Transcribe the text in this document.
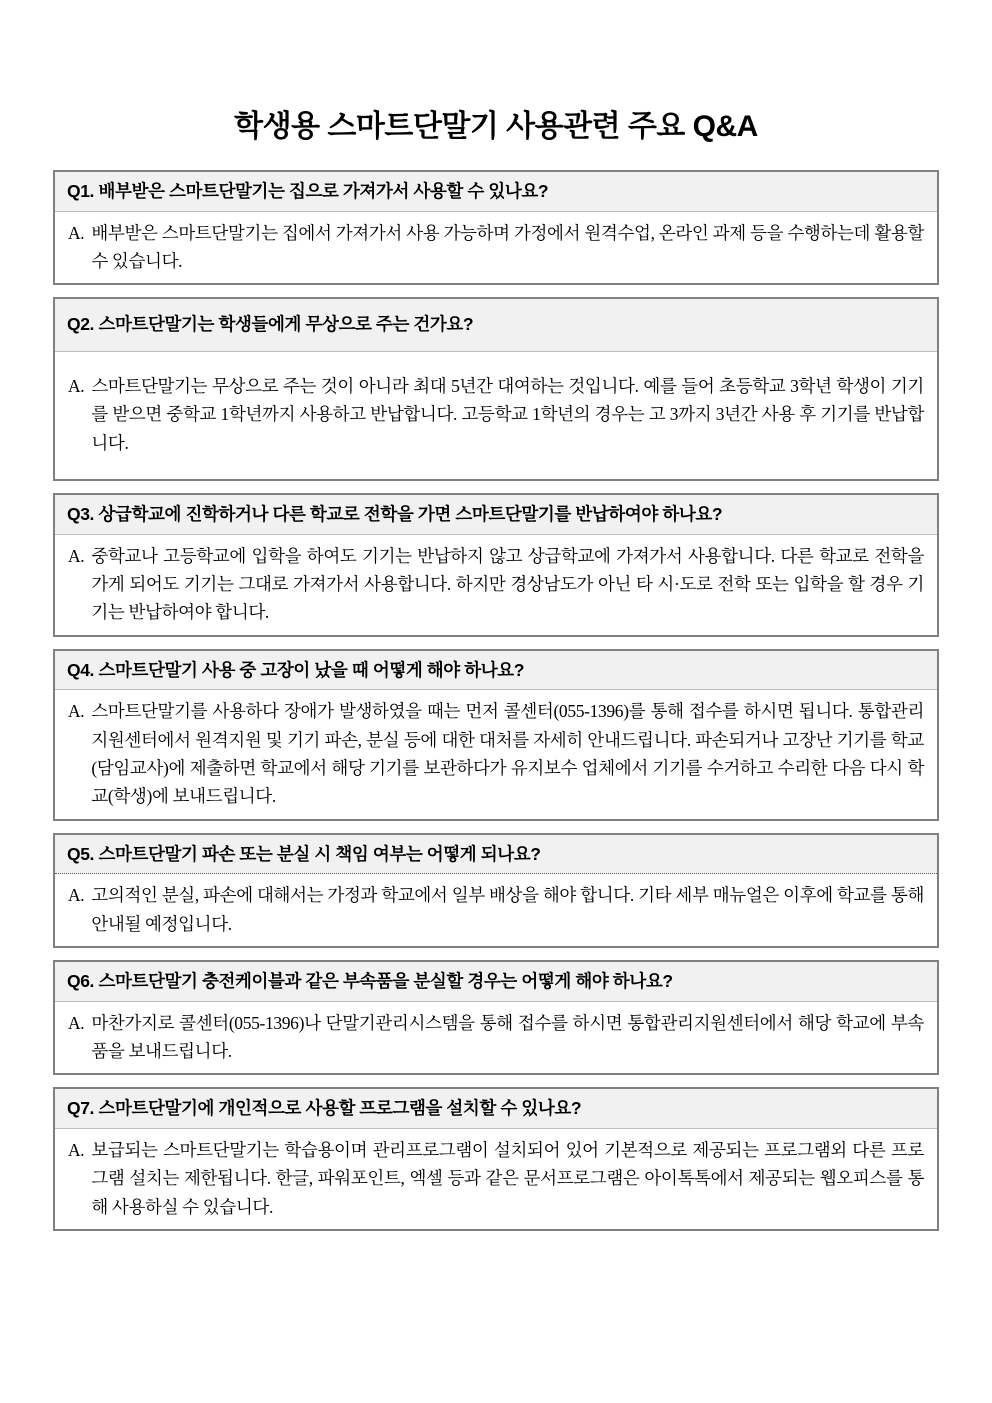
학생용 스마트단말기 사용관련 주요 Q&A
Q1. 배부받은 스마트단말기는 집으로 가져가서 사용할 수 있나요?
A. 배부받은 스마트단말기는 집에서 가져가서 사용 가능하며 가정에서 원격수업, 온라인 과제 등을 수행하는데 활용할 수 있습니다.
Q2. 스마트단말기는 학생들에게 무상으로 주는 건가요?
A. 스마트단말기는 무상으로 주는 것이 아니라 최대 5년간 대여하는 것입니다. 예를 들어 초등학교 3학년 학생이 기기를 받으면 중학교 1학년까지 사용하고 반납합니다. 고등학교 1학년의 경우는 고 3까지 3년간 사용 후 기기를 반납합니다.
Q3. 상급학교에 진학하거나 다른 학교로 전학을 가면 스마트단말기를 반납하여야 하나요?
A. 중학교나 고등학교에 입학을 하여도 기기는 반납하지 않고 상급학교에 가져가서 사용합니다. 다른 학교로 전학을 가게 되어도 기기는 그대로 가져가서 사용합니다. 하지만 경상남도가 아닌 타 시·도로 전학 또는 입학을 할 경우 기기는 반납하여야 합니다.
Q4. 스마트단말기 사용 중 고장이 났을 때 어떻게 해야 하나요?
A. 스마트단말기를 사용하다 장애가 발생하였을 때는 먼저 콜센터(055-1396)를 통해 접수를 하시면 됩니다. 통합관리지원센터에서 원격지원 및 기기 파손, 분실 등에 대한 대처를 자세히 안내드립니다. 파손되거나 고장난 기기를 학교(담임교사)에 제출하면 학교에서 해당 기기를 보관하다가 유지보수 업체에서 기기를 수거하고 수리한 다음 다시 학교(학생)에 보내드립니다.
Q5. 스마트단말기 파손 또는 분실 시 책임 여부는 어떻게 되나요?
A. 고의적인 분실, 파손에 대해서는 가정과 학교에서 일부 배상을 해야 합니다. 기타 세부 매뉴얼은 이후에 학교를 통해 안내될 예정입니다.
Q6. 스마트단말기 충전케이블과 같은 부속품을 분실할 경우는 어떻게 해야 하나요?
A. 마찬가지로 콜센터(055-1396)나 단말기관리시스템을 통해 접수를 하시면 통합관리지원센터에서 해당 학교에 부속품을 보내드립니다.
Q7. 스마트단말기에 개인적으로 사용할 프로그램을 설치할 수 있나요?
A. 보급되는 스마트단말기는 학습용이며 관리프로그램이 설치되어 있어 기본적으로 제공되는 프로그램외 다른 프로그램 설치는 제한됩니다. 한글, 파워포인트, 엑셀 등과 같은 문서프로그램은 아이톡톡에서 제공되는 웹오피스를 통해 사용하실 수 있습니다.
